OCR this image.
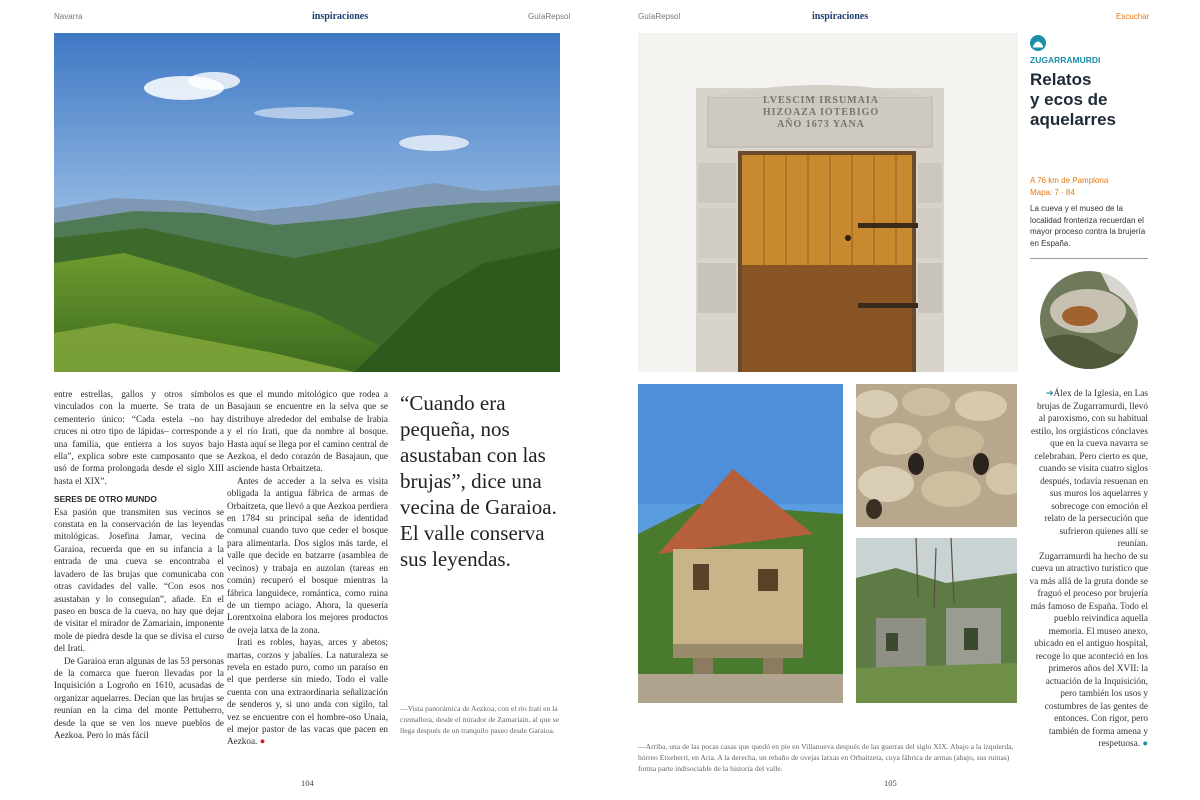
Navarra	inspiraciones	GuíaRepsol	GuíaRepsol	inspiraciones	Escuchar

entre estrellas, gallos y otros símbolos vinculados con la muerte. Se trata de un cementerio único: “Cada estela –no hay cruces ni otro tipo de lápidas– corresponde a una familia, que entierra a los suyos bajo ella”, explica sobre este camposanto que se usó de forma prolongada desde el siglo XIII hasta el XIX”.

SERES DE OTRO MUNDO

Esa pasión que transmiten sus vecinos se constata en la conservación de las leyendas mitológicas. Josefina Jamar, vecina de Garaioa, recuerda que en su infancia a la entrada de una cueva se encontraba el lavadero de las brujas que comunicaba con otras cavidades del valle. “Con esos nos asustaban y lo conseguían”, añade. En el paseo en busca de la cueva, no hay que dejar de visitar el mirador de Zamariain, imponente mole de piedra desde la que se divisa el curso del Irati.

De Garaioa eran algunas de las 53 personas de la comarca que fueron llevadas por la Inquisición a Logroño en 1610, acusadas de organizar aquelarres. Decían que las brujas se reunían en la cima del monte Pettuberro, desde la que se ven los nueve pueblos de Aezkoa. Pero lo más fácil

es que el mundo mitológico que rodea a Basajaun se encuentre en la selva que se distribuye alrededor del embalse de Irabia y el río Irati, que da nombre al bosque. Hasta aquí se llega por el camino central de Aezkoa, el dedo corazón de Basajaun, que asciende hasta Orbaitzeta.

Antes de acceder a la selva es visita obligada la antigua fábrica de armas de Orbaitzeta, que llevó a que Aezkoa perdiera en 1784 su principal seña de identidad comunal cuando tuvo que ceder el bosque para alimentarla. Dos siglos más tarde, el valle que decide en batzarre (asamblea de vecinos) y trabaja en auzolan (tareas en común) recuperó el bosque mientras la fábrica languidece, romántica, como ruina de un tiempo aciago. Ahora, la quesería Lorentxoina elabora los mejores productos de oveja latxa de la zona.

Irati es robles, hayas, arces y abetos; martas, corzos y jabalíes. La naturaleza se revela en estado puro, como un paraíso en el que perderse sin miedo. Todo el valle cuenta con una extraordinaria señalización de senderos y, si uno anda con sigilo, tal vez se encuentre con el hombre-oso Unaia, el mejor pastor de las vacas que pacen en Aezkoa. ●

“Cuando era pequeña, nos asustaban con las brujas”, dice una vecina de Garaioa. El valle conserva sus leyendas.
—Vista panorámica de Aezkoa, con el río Irati en la cremallera, desde el mirador de Zamariain, al que se llega después de un tranquilo paseo desde Garaioa.
104
LVESCIM IRSUMAIA
HIZOAZA IOTEBIGO
AÑO 1673 YANA
ZUGARRAMURDI
Relatos
y ecos de
aquelarres
A 76 km de Pamplona
Mapa: 7 · 84
La cueva y el museo de la localidad fronteriza recuerdan el mayor proceso contra la brujería en España.
—Arriba, una de las pocas casas que quedó en pie en Villanueva después de las guerras del siglo XIX. Abajo a la izquierda, hórreo Etxeberri, en Aria. A la derecha, un rebaño de ovejas latxas en Orbaitzeta, cuya fábrica de armas (abajo, sus ruinas) forma parte indisociable de la historia del valle.

➔Álex de la Iglesia, en Las brujas de Zugarramurdi, llevó al paroxismo, con su habitual estilo, los orgiásticos cónclaves que en la cueva navarra se celebraban. Pero cierto es que, cuando se visita cuatro siglos después, todavía resuenan en sus muros los aquelarres y sobrecoge con emoción el relato de la persecución que sufrieron quienes allí se reunían.

Zugarramurdi ha hecho de su cueva un atractivo turístico que va más allá de la gruta donde se fraguó el proceso por brujería más famoso de España. Todo el pueblo reivindica aquella memoria. El museo anexo, ubicado en el antiguo hospital, recoge lo que aconteció en los primeros años del XVII: la actuación de la Inquisición, pero también los usos y costumbres de las gentes de entonces. Con rigor, pero también de forma amena y respetuosa. ●

105
